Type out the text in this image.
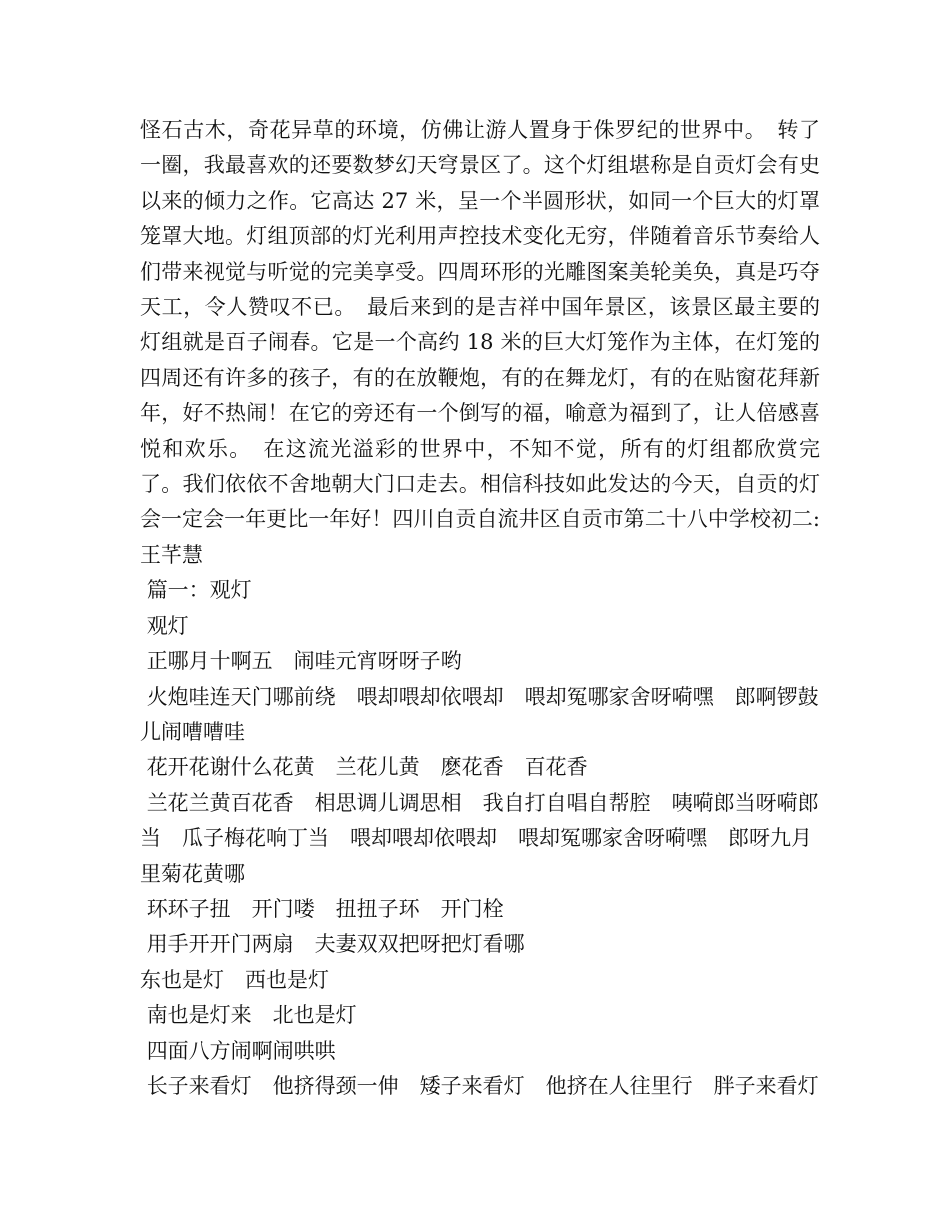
怪石古木，奇花异草的环境，仿佛让游人置身于侏罗纪的世界中。　转了一圈，我最喜欢的还要数梦幻天穹景区了。这个灯组堪称是自贡灯会有史以来的倾力之作。它高达 27 米，呈一个半圆形状，如同一个巨大的灯罩笼罩大地。灯组顶部的灯光利用声控技术变化无穷，伴随着音乐节奏给人们带来视觉与听觉的完美享受。四周环形的光雕图案美轮美奂，真是巧夺天工，令人赞叹不已。　最后来到的是吉祥中国年景区，该景区最主要的灯组就是百子闹春。它是一个高约 18 米的巨大灯笼作为主体，在灯笼的四周还有许多的孩子，有的在放鞭炮，有的在舞龙灯，有的在贴窗花拜新年，好不热闹！在它的旁还有一个倒写的福，喻意为福到了，让人倍感喜悦和欢乐。　在这流光溢彩的世界中，不知不觉，所有的灯组都欣赏完了。我们依依不舍地朝大门口走去。相信科技如此发达的今天，自贡的灯会一定会一年更比一年好！四川自贡自流井区自贡市第二十八中学校初二:王芊慧

篇一：观灯

观灯

正哪月十啊五　闹哇元宵呀呀子哟

火炮哇连天门哪前绕　喂却喂却依喂却　喂却冤哪家舍呀嗬嘿　郎啊锣鼓儿闹嘈嘈哇

花开花谢什么花黄　兰花儿黄　麽花香　百花香

兰花兰黄百花香　相思调儿调思相　我自打自唱自帮腔　咦嗬郎当呀嗬郎当　瓜子梅花响丁当　喂却喂却依喂却　喂却冤哪家舍呀嗬嘿　郎呀九月里菊花黄哪

环环子扭　开门喽　扭扭子环　开门栓

用手开开门两扇　夫妻双双把呀把灯看哪

东也是灯　西也是灯

南也是灯来　北也是灯

四面八方闹啊闹哄哄

长子来看灯　他挤得颈一伸　矮子来看灯　他挤在人往里行　胖子来看灯
